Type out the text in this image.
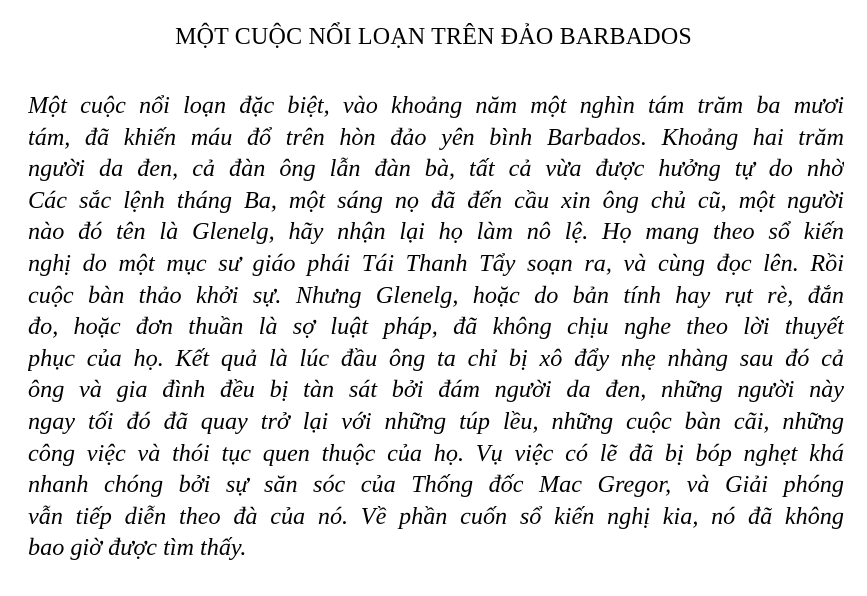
MỘT CUỘC NỔI LOẠN TRÊN ĐẢO BARBADOS
Một cuộc nổi loạn đặc biệt, vào khoảng năm một nghìn tám trăm ba mươi
tám, đã khiến máu đổ trên hòn đảo yên bình Barbados. Khoảng hai trăm
người da đen, cả đàn ông lẫn đàn bà, tất cả vừa được hưởng tự do nhờ
Các sắc lệnh tháng Ba, một sáng nọ đã đến cầu xin ông chủ cũ, một người
nào đó tên là Glenelg, hãy nhận lại họ làm nô lệ. Họ mang theo sổ kiến
nghị do một mục sư giáo phái Tái Thanh Tẩy soạn ra, và cùng đọc lên. Rồi
cuộc bàn thảo khởi sự. Nhưng Glenelg, hoặc do bản tính hay rụt rè, đắn
đo, hoặc đơn thuần là sợ luật pháp, đã không chịu nghe theo lời thuyết
phục của họ. Kết quả là lúc đầu ông ta chỉ bị xô đẩy nhẹ nhàng sau đó cả
ông và gia đình đều bị tàn sát bởi đám người da đen, những người này
ngay tối đó đã quay trở lại với những túp lều, những cuộc bàn cãi, những
công việc và thói tục quen thuộc của họ. Vụ việc có lẽ đã bị bóp nghẹt khá
nhanh chóng bởi sự săn sóc của Thống đốc Mac Gregor, và Giải phóng
vẫn tiếp diễn theo đà của nó. Về phần cuốn sổ kiến nghị kia, nó đã không
bao giờ được tìm thấy.
